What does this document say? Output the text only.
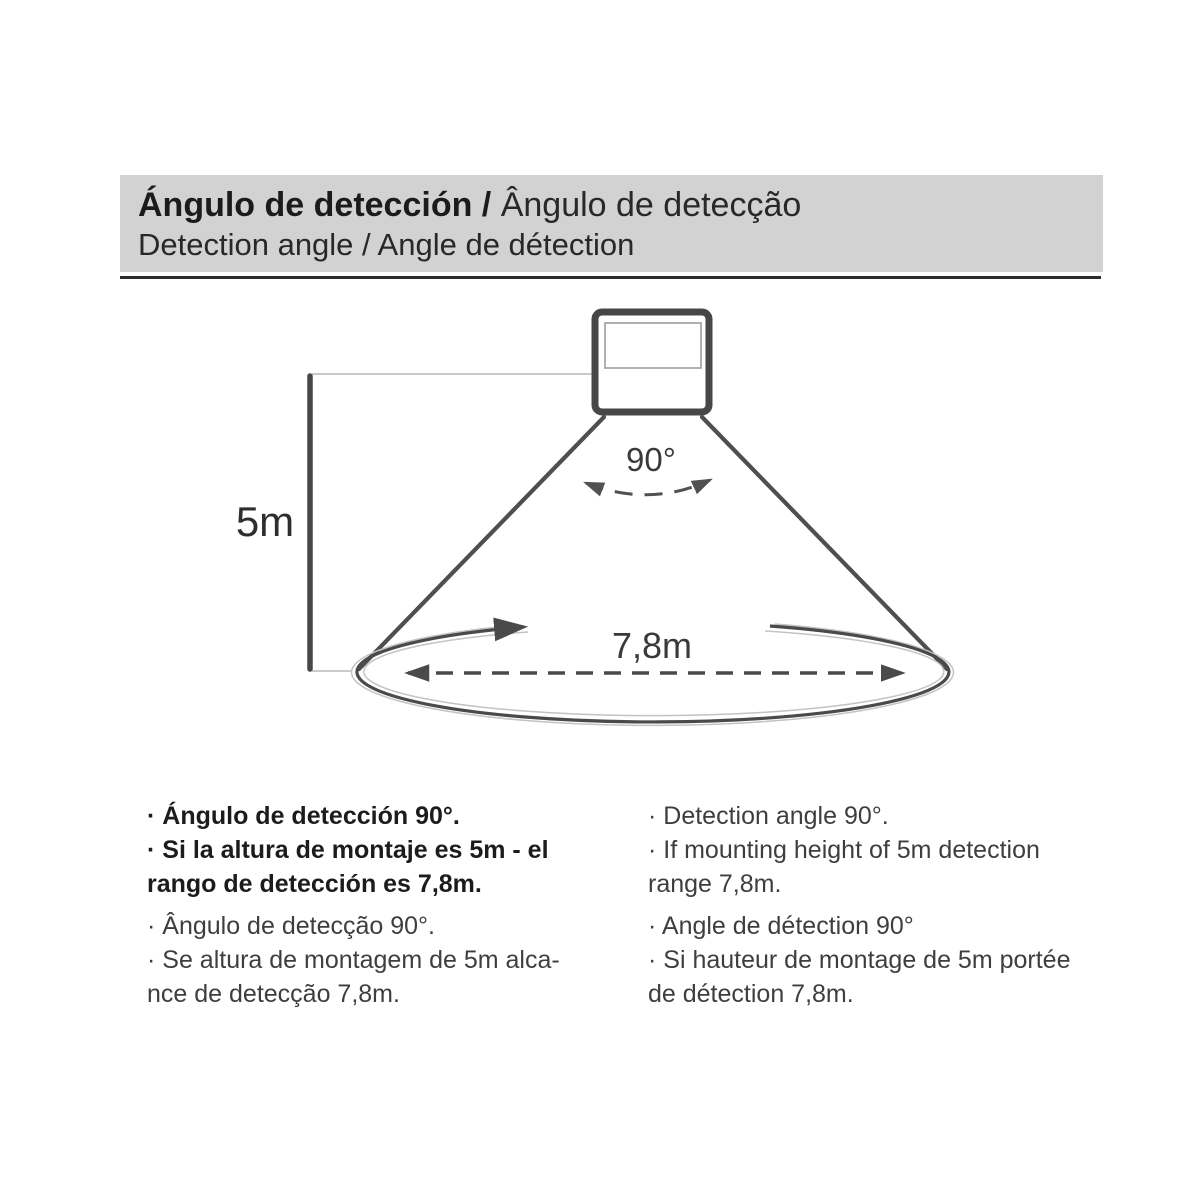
Ángulo de detección / Ângulo de detecção
Detection angle / Angle de détection
5m
90°
7,8m
· Ángulo de detección 90°.
· Si la altura de montaje es 5m - el
rango de detección es 7,8m.
· Detection angle 90°.
· If mounting height of 5m detection
range 7,8m.
· Ângulo de detecção 90°.
· Se altura de montagem de 5m alca-
nce de detecção 7,8m.
· Angle de détection 90°
· Si hauteur de montage de 5m portée
de détection 7,8m.
